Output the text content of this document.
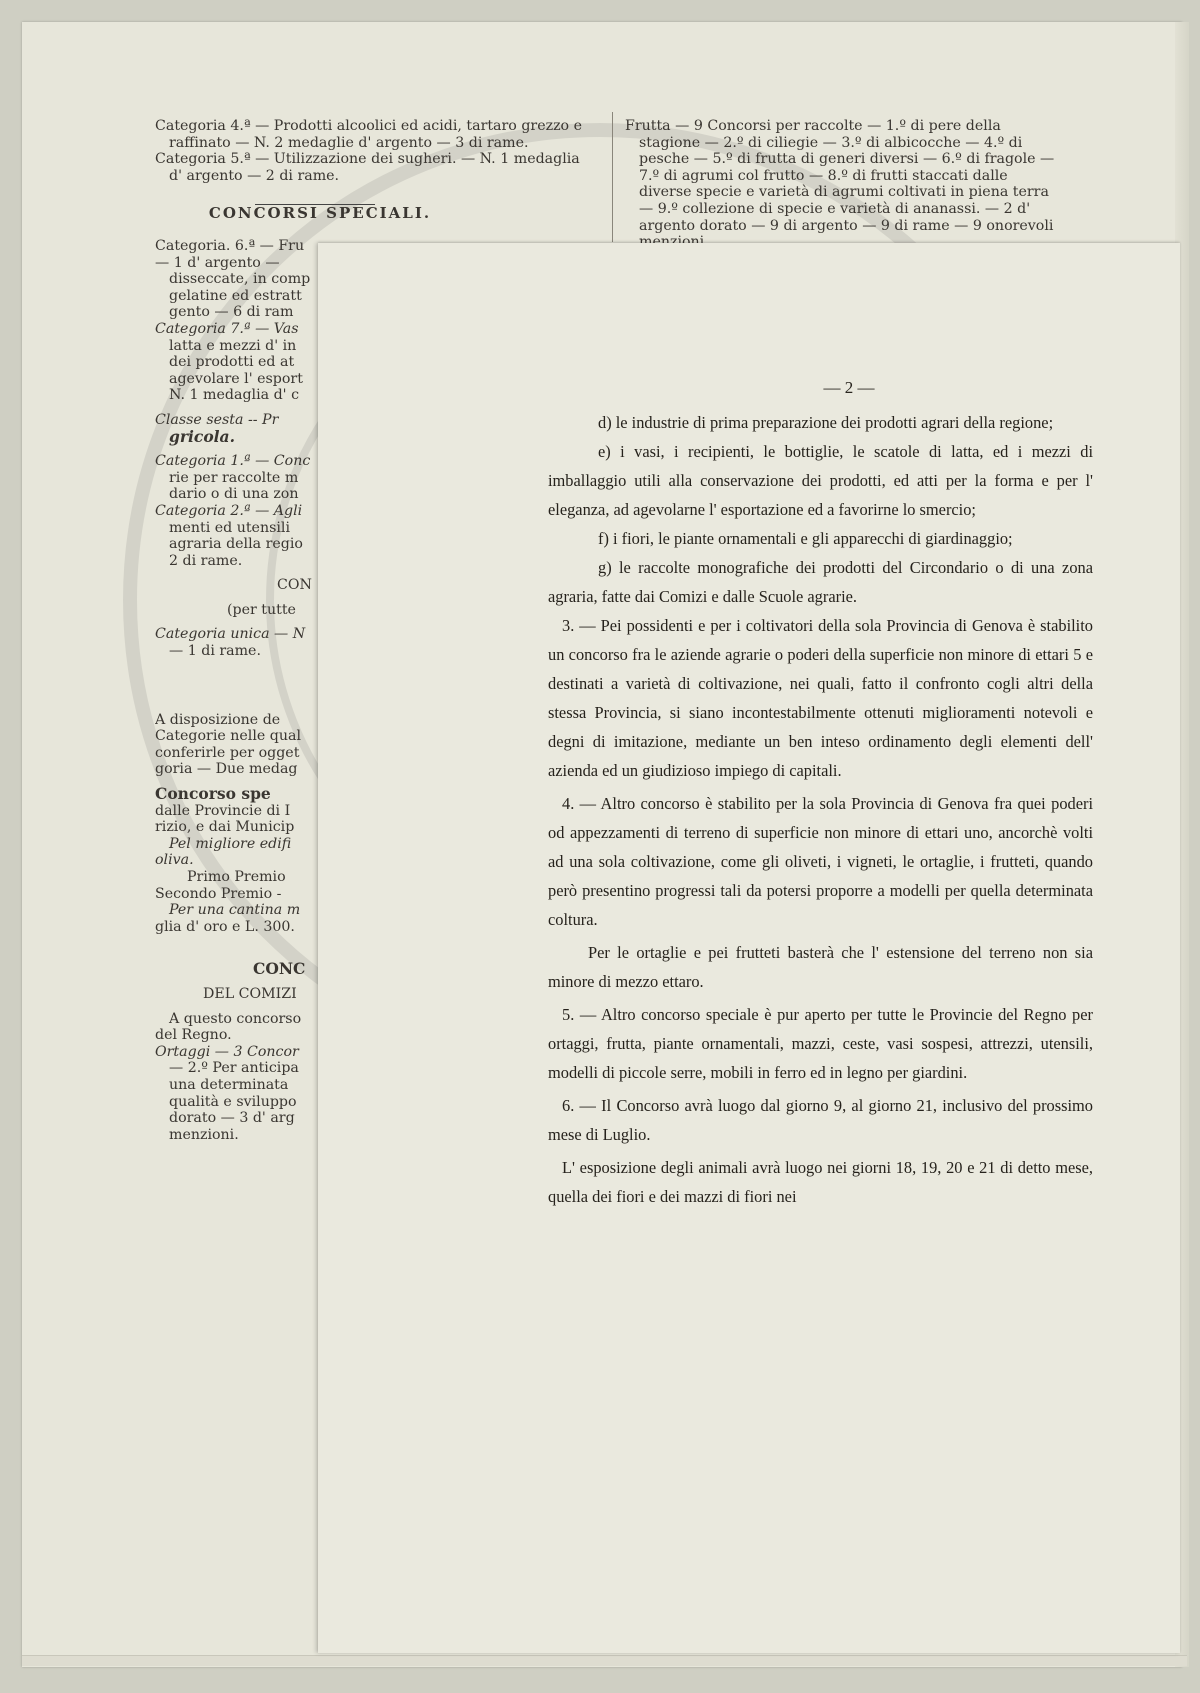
Categoria 4.ª — Prodotti alcoolici ed acidi, tartaro grezzo e raffinato — N. 2 medaglie d' argento — 3 di rame.

Categoria 5.ª — Utilizzazione dei sugheri. — N. 1 medaglia d' argento — 2 di rame.

CONCORSI SPECIALI.

Frutta — 9 Concorsi per raccolte — 1.º di pere della stagione — 2.º di ciliegie — 3.º di albicocche — 4.º di pesche — 5.º di frutta di generi diversi — 6.º di fragole — 7.º di agrumi col frutto — 8.º di frutti staccati dalle diverse specie e varietà di agrumi coltivati in piena terra — 9.º collezione di specie e varietà di ananassi. — 2 d' argento dorato — 9 di argento — 9 di rame — 9 onorevoli

Categoria. 6.ª — Fru

— 1 d' argento —

disseccate, in comp

gelatine ed estratt

gento — 6 di ram

Categoria 7.ª — Vas

latta e mezzi d' in

dei prodotti ed at

agevolare l' esport

N. 1 medaglia d' c

Classe sesta -- Pr

gricola.

Categoria 1.ª — Conc

rie per raccolte m

dario o di una zon

Categoria 2.ª — Agli

menti ed utensili

agraria della regio

2 di rame.

CON

(per tutte

Categoria unica — N

— 1 di rame.

A disposizione de

Categorie nelle qual

conferirle per ogget

goria — Due medag

Concorso spe

dalle Provincie di I

rizio, e dai Municip

Pel migliore edifi

oliva.

Primo Premio

Secondo Premio -

Per una cantina m

glia d' oro e L. 300.

CONC

DEL COMIZI

A questo concorso

del Regno.

Ortaggi — 3 Concor

— 2.º Per anticipa

una determinata

qualità e sviluppo

dorato — 3 d' arg

menzioni.

— 2 —

d) le industrie di prima preparazione dei prodotti agrari della regione;

e) i vasi, i recipienti, le bottiglie, le scatole di latta, ed i mezzi di imballaggio utili alla conservazione dei prodotti, ed atti per la forma e per l' eleganza, ad agevolarne l' esportazione ed a favorirne lo smercio;

f) i fiori, le piante ornamentali e gli apparecchi di giardinaggio;

g) le raccolte monografiche dei prodotti del Circondario o di una zona agraria, fatte dai Comizi e dalle Scuole agrarie.

3. — Pei possidenti e per i coltivatori della sola Provincia di Genova è stabilito un concorso fra le aziende agrarie o poderi della superficie non minore di ettari 5 e destinati a varietà di coltivazione, nei quali, fatto il confronto cogli altri della stessa Provincia, si siano incontestabilmente ottenuti miglioramenti notevoli e degni di imitazione, mediante un ben inteso ordinamento degli elementi dell' azienda ed un giudizioso impiego di capitali.

4. — Altro concorso è stabilito per la sola Provincia di Genova fra quei poderi od appezzamenti di terreno di superficie non minore di ettari uno, ancorchè volti ad una sola coltivazione, come gli oliveti, i vigneti, le ortaglie, i frutteti, quando però presentino progressi tali da potersi proporre a modelli per quella determinata coltura.

Per le ortaglie e pei frutteti basterà che l' estensione del terreno non sia minore di mezzo ettaro.

5. — Altro concorso speciale è pur aperto per tutte le Provincie del Regno per ortaggi, frutta, piante ornamentali, mazzi, ceste, vasi sospesi, attrezzi, utensili, modelli di piccole serre, mobili in ferro ed in legno per giardini.

6. — Il Concorso avrà luogo dal giorno 9, al giorno 21, inclusivo del prossimo mese di Luglio.

L' esposizione degli animali avrà luogo nei giorni 18, 19, 20 e 21 di detto mese, quella dei fiori e dei mazzi di fiori nei
